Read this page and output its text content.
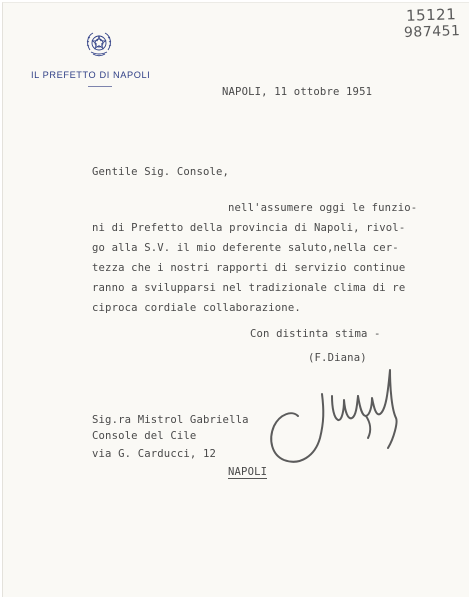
15121
987451
IL PREFETTO DI NAPOLI
NAPOLI, 11 ottobre 1951
Gentile Sig. Console,
nell'assumere oggi le funzio-
ni di Prefetto della provincia di Napoli, rivol-
go alla S.V. il mio deferente saluto,nella cer-
tezza che i nostri rapporti di servizio continue
ranno a svilupparsi nel tradizionale clima di re
ciproca cordiale collaborazione.
Con distinta stima -
(F.Diana)
Sig.ra Mistrol Gabriella
Console del Cile
via G. Carducci, 12
NAPOLI
